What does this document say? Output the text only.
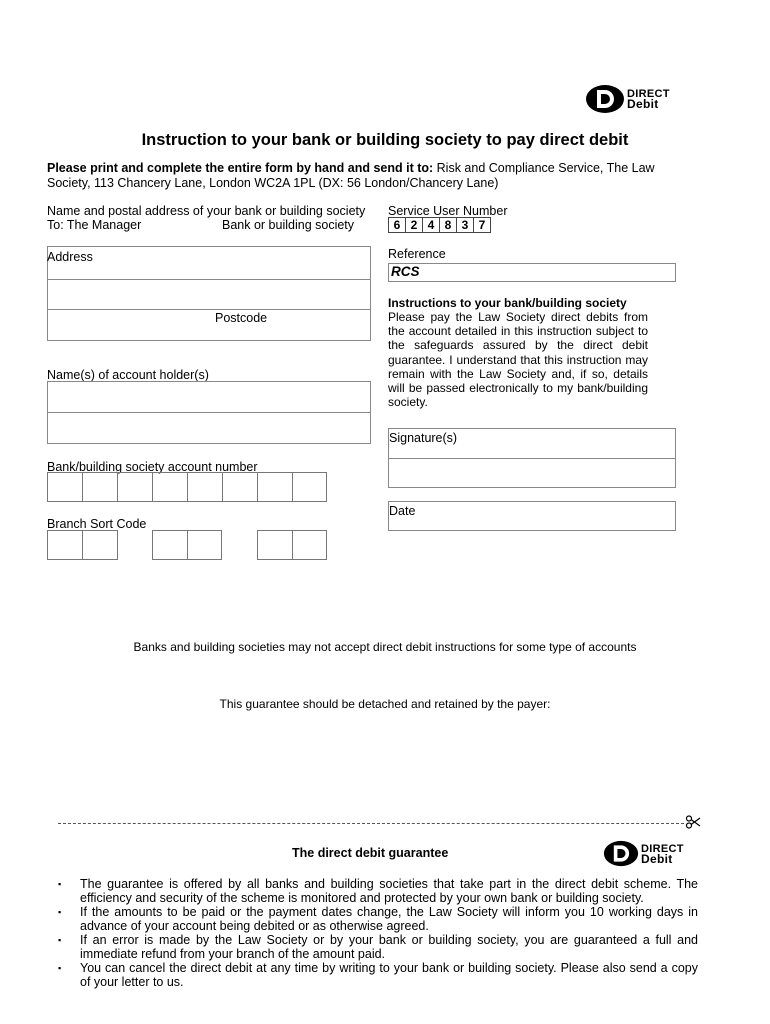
DIRECT
Debit
Instruction to your bank or building society to pay direct debit
Please print and complete the entire form by hand and send it to: Risk and Compliance Service, The Law Society, 113 Chancery Lane, London WC2A 1PL (DX: 56 London/Chancery Lane)
Name and postal address of your bank or building society
To: The Manager	Bank or building society
Address
Postcode
Name(s) of account holder(s)
Bank/building society account number
Branch Sort Code
Service User Number
6 2 4 8 3 7
Reference
RCS
Instructions to your bank/building society
Please pay the Law Society direct debits from the account detailed in this instruction subject to the safeguards assured by the direct debit guarantee. I understand that this instruction may remain with the Law Society and, if so, details will be passed electronically to my bank/building society.
Signature(s)
Date
Banks and building societies may not accept direct debit instructions for some type of accounts
This guarantee should be detached and retained by the payer:
The direct debit guarantee	DIRECT
Debit
▪ The guarantee is offered by all banks and building societies that take part in the direct debit scheme. The efficiency and security of the scheme is monitored and protected by your own bank or building society.
▪ If the amounts to be paid or the payment dates change, the Law Society will inform you 10 working days in advance of your account being debited or as otherwise agreed.
▪ If an error is made by the Law Society or by your bank or building society, you are guaranteed a full and immediate refund from your branch of the amount paid.
▪ You can cancel the direct debit at any time by writing to your bank or building society. Please also send a copy of your letter to us.
